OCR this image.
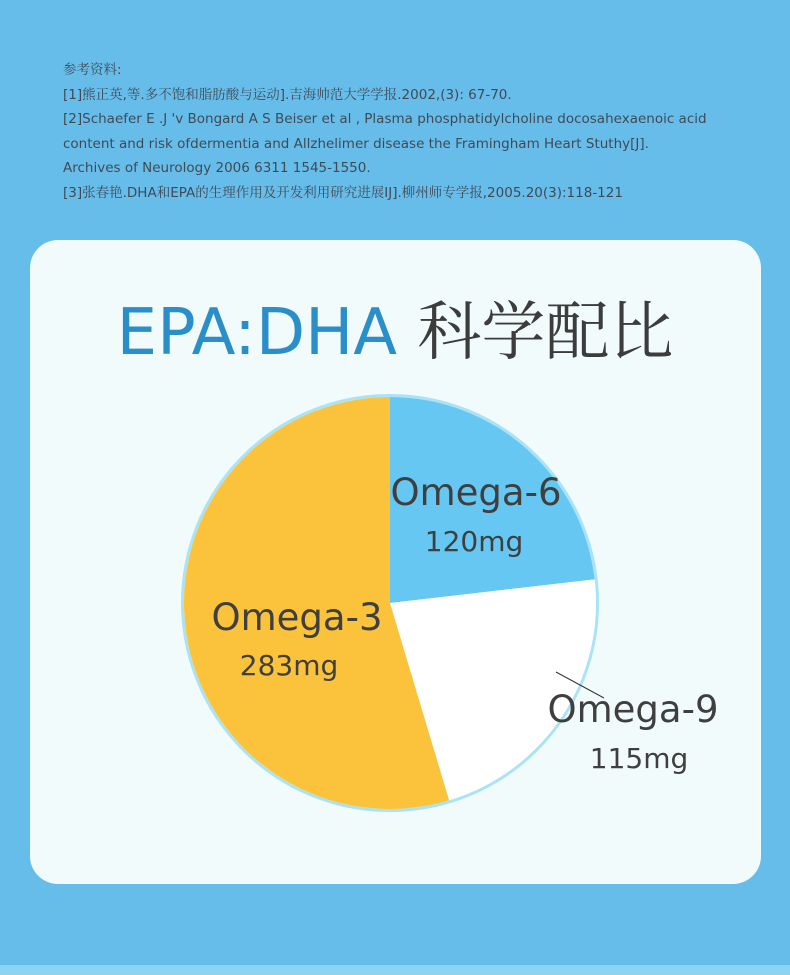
参考资料:
[1]熊正英,等.多不饱和脂肪酸与运动].吉海帅范大学学报.2002,(3): 67-70.
[2]Schaefer E .J 'v Bongard A S Beiser et al , Plasma phosphatidylcholine docosahexaenoic acid
content and risk ofdermentia and Allzhelimer disease the Framingham Heart Stuthy[J].
Archives of Neurology 2006 6311 1545-1550.
[3]张春艳.DHA和EPA的生理作用及开发利用研究进展IJ].柳州师专学报,2005.20(3):118-121
EPA:DHA 科学配比
Omega-6
120mg
Omega-9
115mg
Omega-3
283mg
